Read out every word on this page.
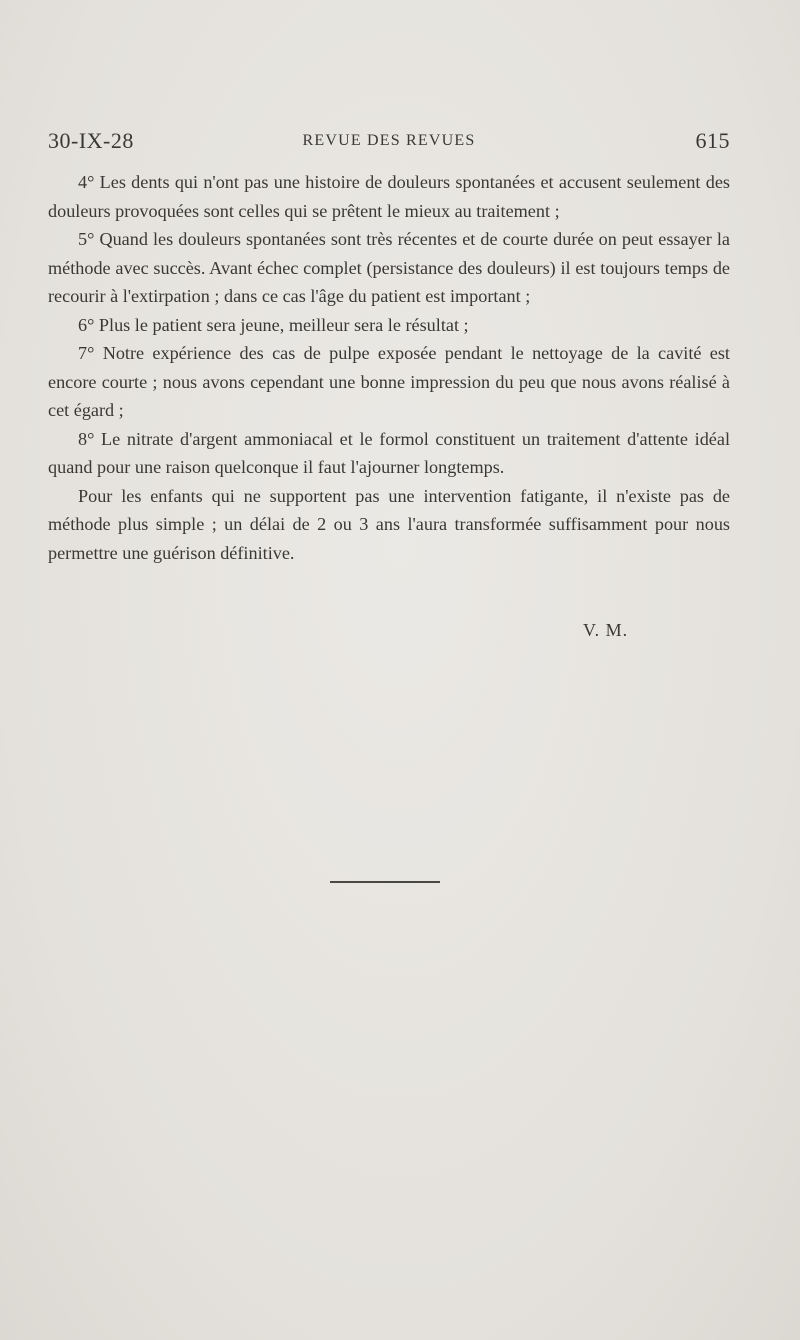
30-IX-28	REVUE DES REVUES	615

4° Les dents qui n'ont pas une histoire de douleurs spontanées et accusent seulement des douleurs provoquées sont celles qui se prêtent le mieux au traitement ;

5° Quand les douleurs spontanées sont très récentes et de courte durée on peut essayer la méthode avec succès. Avant échec complet (persistance des douleurs) il est toujours temps de recourir à l'extirpation ; dans ce cas l'âge du patient est important ;

6° Plus le patient sera jeune, meilleur sera le résultat ;

7° Notre expérience des cas de pulpe exposée pendant le nettoyage de la cavité est encore courte ; nous avons cependant une bonne impression du peu que nous avons réalisé à cet égard ;

8° Le nitrate d'argent ammoniacal et le formol constituent un traitement d'attente idéal quand pour une raison quelconque il faut l'ajourner longtemps.

Pour les enfants qui ne supportent pas une intervention fatigante, il n'existe pas de méthode plus simple ; un délai de 2 ou 3 ans l'aura transformée suffisamment pour nous permettre une guérison définitive.

V. M.
